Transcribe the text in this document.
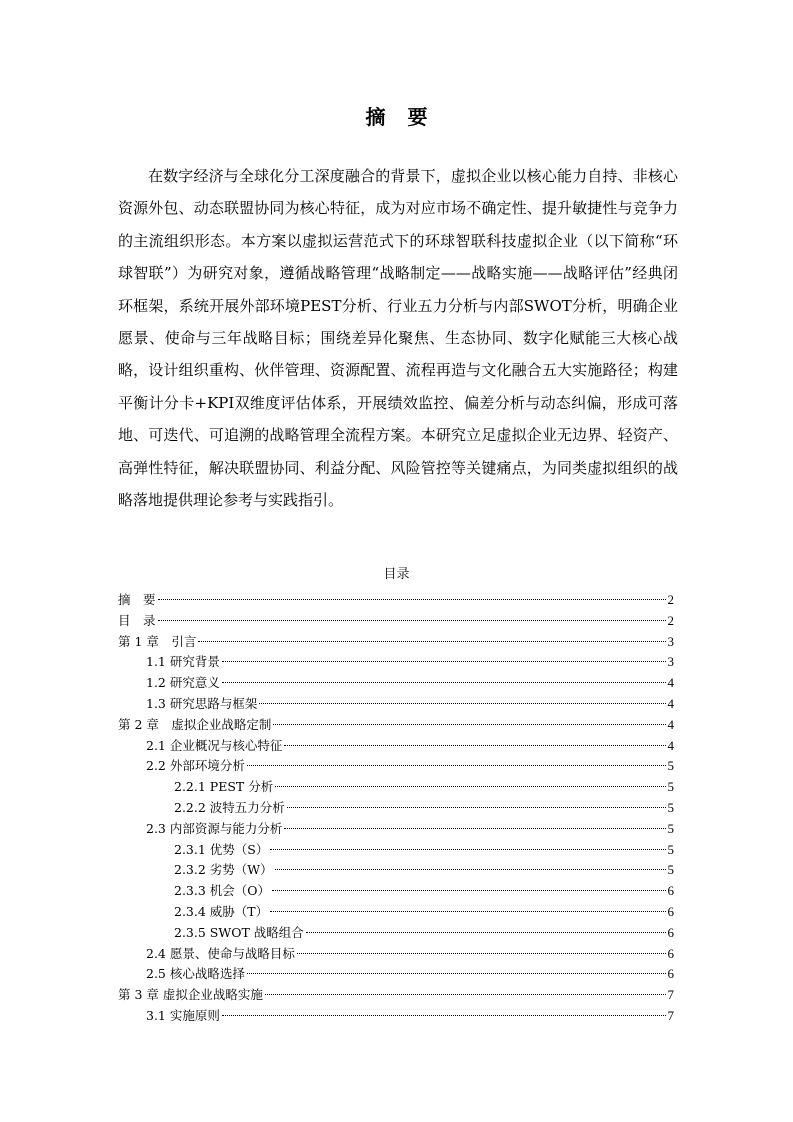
摘要

在数字经济与全球化分工深度融合的背景下，虚拟企业以核心能力自持、非核心资源外包、动态联盟协同为核心特征，成为对应市场不确定性、提升敏捷性与竞争力的主流组织形态。本方案以虚拟运营范式下的环球智联科技虚拟企业（以下简称“环球智联”）为研究对象，遵循战略管理“战略制定——战略实施——战略评估”经典闭环框架，系统开展外部环境PEST分析、行业五力分析与内部SWOT分析，明确企业愿景、使命与三年战略目标；围绕差异化聚焦、生态协同、数字化赋能三大核心战略，设计组织重构、伙伴管理、资源配置、流程再造与文化融合五大实施路径；构建平衡计分卡+KPI双维度评估体系，开展绩效监控、偏差分析与动态纠偏，形成可落地、可迭代、可追溯的战略管理全流程方案。本研究立足虚拟企业无边界、轻资产、高弹性特征，解决联盟协同、利益分配、风险管控等关键痛点，为同类虚拟组织的战略落地提供理论参考与实践指引。

目录
摘　要	2
目　录	2
第 1 章　引言	3
1.1 研究背景	3
1.2 研究意义	4
1.3 研究思路与框架	4
第 2 章　虚拟企业战略定制	4
2.1 企业概况与核心特征	4
2.2 外部环境分析	5
2.2.1 PEST 分析	5
2.2.2 波特五力分析	5
2.3 内部资源与能力分析	5
2.3.1 优势（S）	5
2.3.2 劣势（W）	5
2.3.3 机会（O）	6
2.3.4 威胁（T）	6
2.3.5 SWOT 战略组合	6
2.4 愿景、使命与战略目标	6
2.5 核心战略选择	6
第 3 章 虚拟企业战略实施	7
3.1 实施原则	7
